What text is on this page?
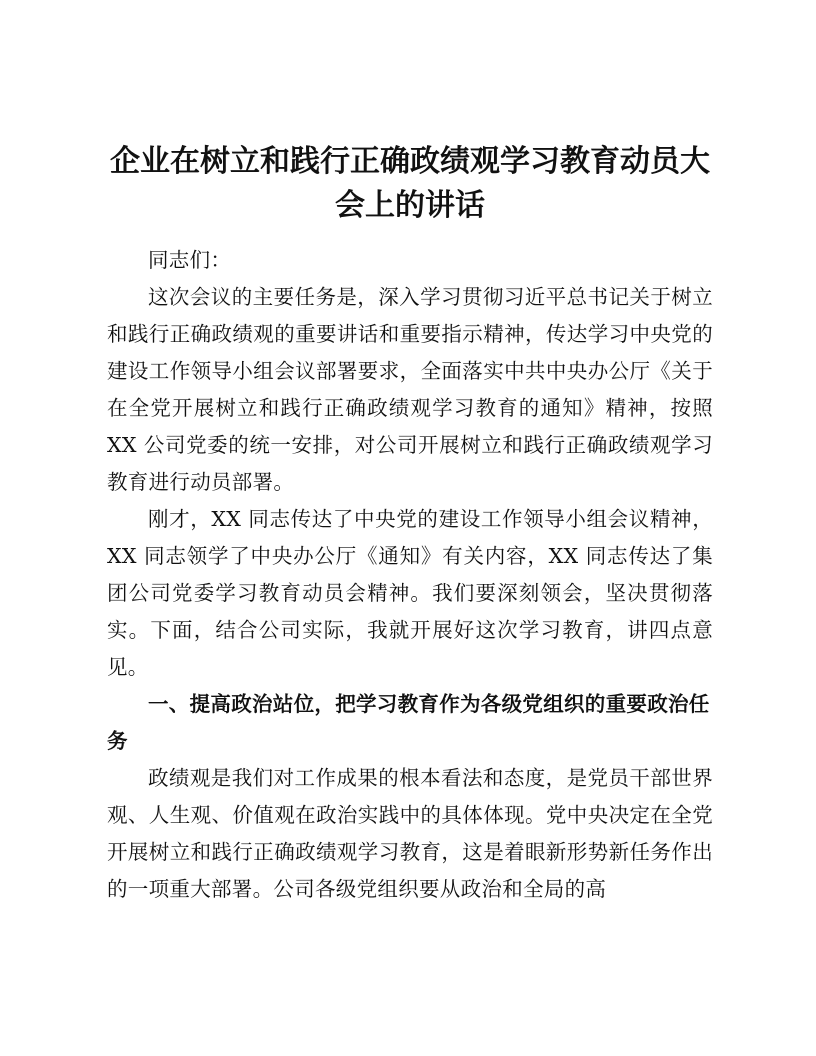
企业在树立和践行正确政绩观学习教育动员大会上的讲话

同志们：

这次会议的主要任务是，深入学习贯彻习近平总书记关于树立和践行正确政绩观的重要讲话和重要指示精神，传达学习中央党的建设工作领导小组会议部署要求，全面落实中共中央办公厅《关于在全党开展树立和践行正确政绩观学习教育的通知》精神，按照 XX 公司党委的统一安排，对公司开展树立和践行正确政绩观学习教育进行动员部署。

刚才，XX 同志传达了中央党的建设工作领导小组会议精神，XX 同志领学了中央办公厅《通知》有关内容，XX 同志传达了集团公司党委学习教育动员会精神。我们要深刻领会，坚决贯彻落实。下面，结合公司实际，我就开展好这次学习教育，讲四点意见。

一、提高政治站位，把学习教育作为各级党组织的重要政治任务

政绩观是我们对工作成果的根本看法和态度，是党员干部世界观、人生观、价值观在政治实践中的具体体现。党中央决定在全党开展树立和践行正确政绩观学习教育，这是着眼新形势新任务作出的一项重大部署。公司各级党组织要从政治和全局的高
